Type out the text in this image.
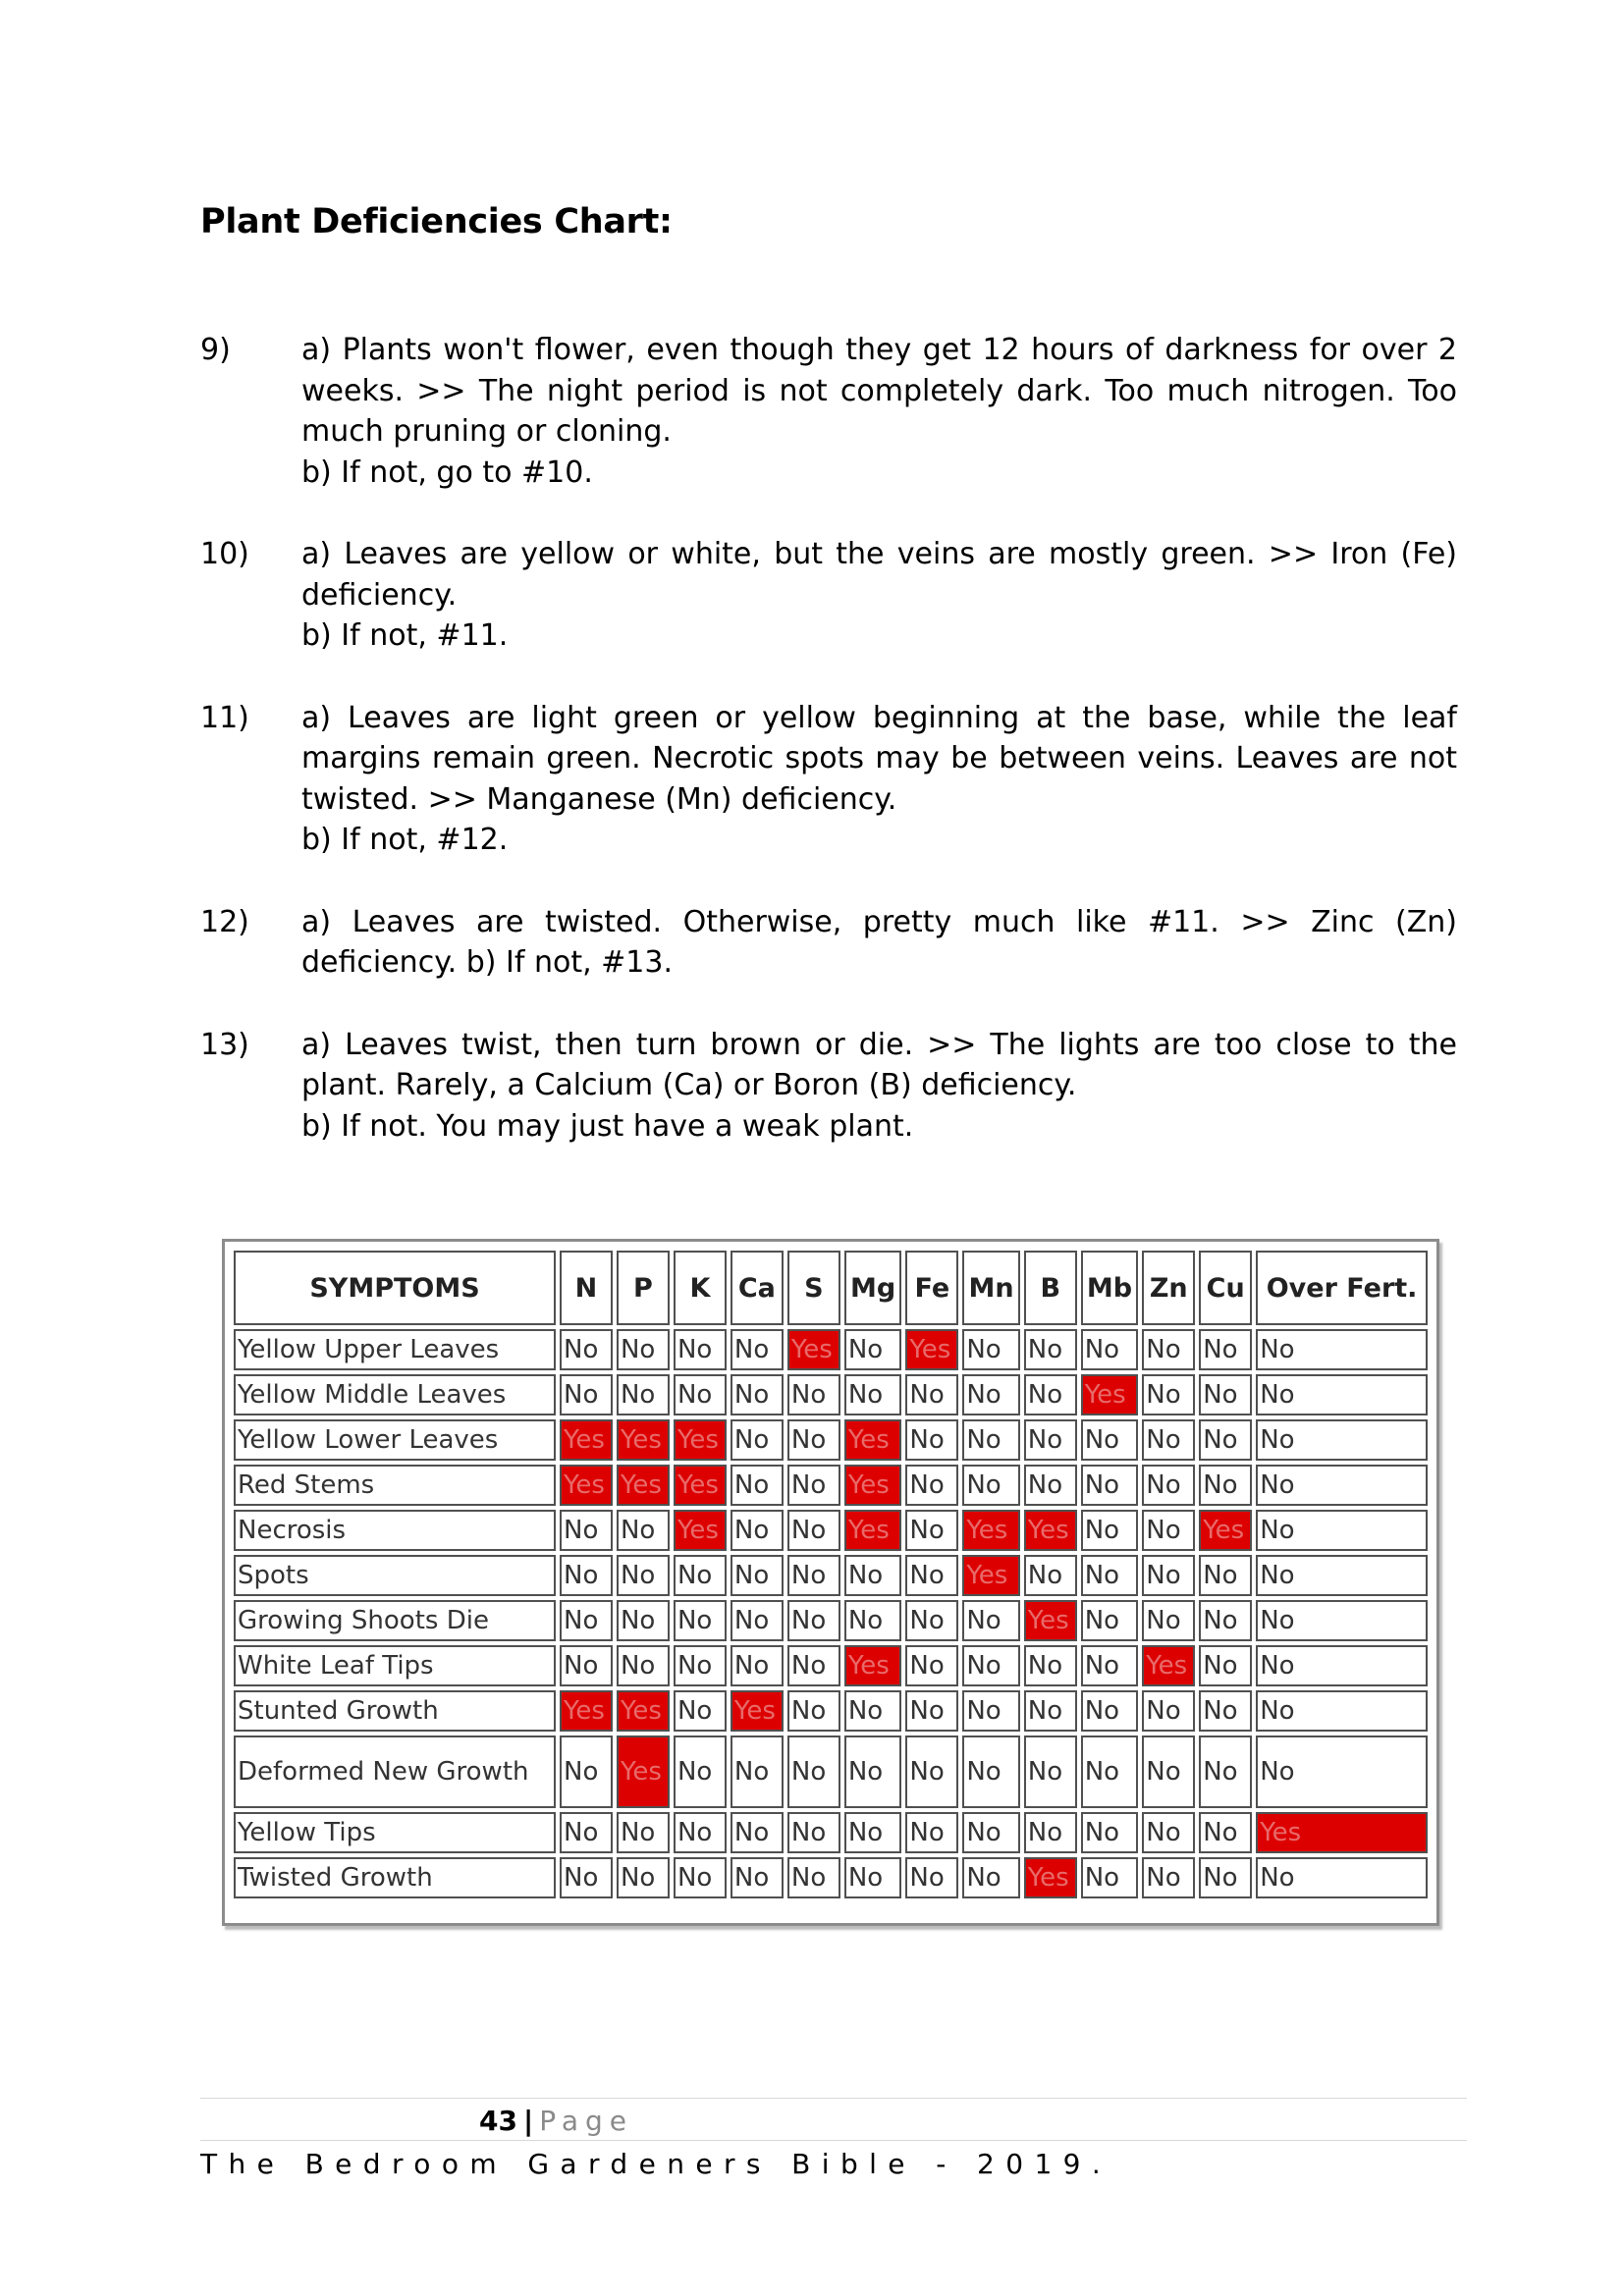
Plant Deficiencies Chart:
9)	a) Plants won't flower, even though they get 12 hours of darkness for over 2 weeks. >> The night period is not completely dark. Too much nitrogen. Too much pruning or cloning.
b) If not, go to #10.
10)	a) Leaves are yellow or white, but the veins are mostly green. >> Iron (Fe) deficiency.
b) If not, #11.
11)	a) Leaves are light green or yellow beginning at the base, while the leaf margins remain green. Necrotic spots may be between veins. Leaves are not twisted. >> Manganese (Mn) deficiency.
b) If not, #12.
12)	a) Leaves are twisted. Otherwise, pretty much like #11. >> Zinc (Zn) deficiency. b) If not, #13.
13)	a) Leaves twist, then turn brown or die. >> The lights are too close to the plant. Rarely, a Calcium (Ca) or Boron (B) deficiency.
b) If not. You may just have a weak plant.
SYMPTOMS	N	P	K	Ca	S	Mg	Fe	Mn	B	Mb	Zn	Cu	Over Fert.
Yellow Upper Leaves	No	No	No	No	Yes	No	Yes	No	No	No	No	No	No
Yellow Middle Leaves	No	No	No	No	No	No	No	No	No	Yes	No	No	No
Yellow Lower Leaves	Yes	Yes	Yes	No	No	Yes	No	No	No	No	No	No	No
Red Stems	Yes	Yes	Yes	No	No	Yes	No	No	No	No	No	No	No
Necrosis	No	No	Yes	No	No	Yes	No	Yes	Yes	No	No	Yes	No
Spots	No	No	No	No	No	No	No	Yes	No	No	No	No	No
Growing Shoots Die	No	No	No	No	No	No	No	No	Yes	No	No	No	No
White Leaf Tips	No	No	No	No	No	Yes	No	No	No	No	Yes	No	No
Stunted Growth	Yes	Yes	No	Yes	No	No	No	No	No	No	No	No	No
Deformed New Growth	No	Yes	No	No	No	No	No	No	No	No	No	No	No
Yellow Tips	No	No	No	No	No	No	No	No	No	No	No	No	Yes
Twisted Growth	No	No	No	No	No	No	No	No	Yes	No	No	No	No
43 | Page
The Bedroom Gardeners Bible - 2019.
